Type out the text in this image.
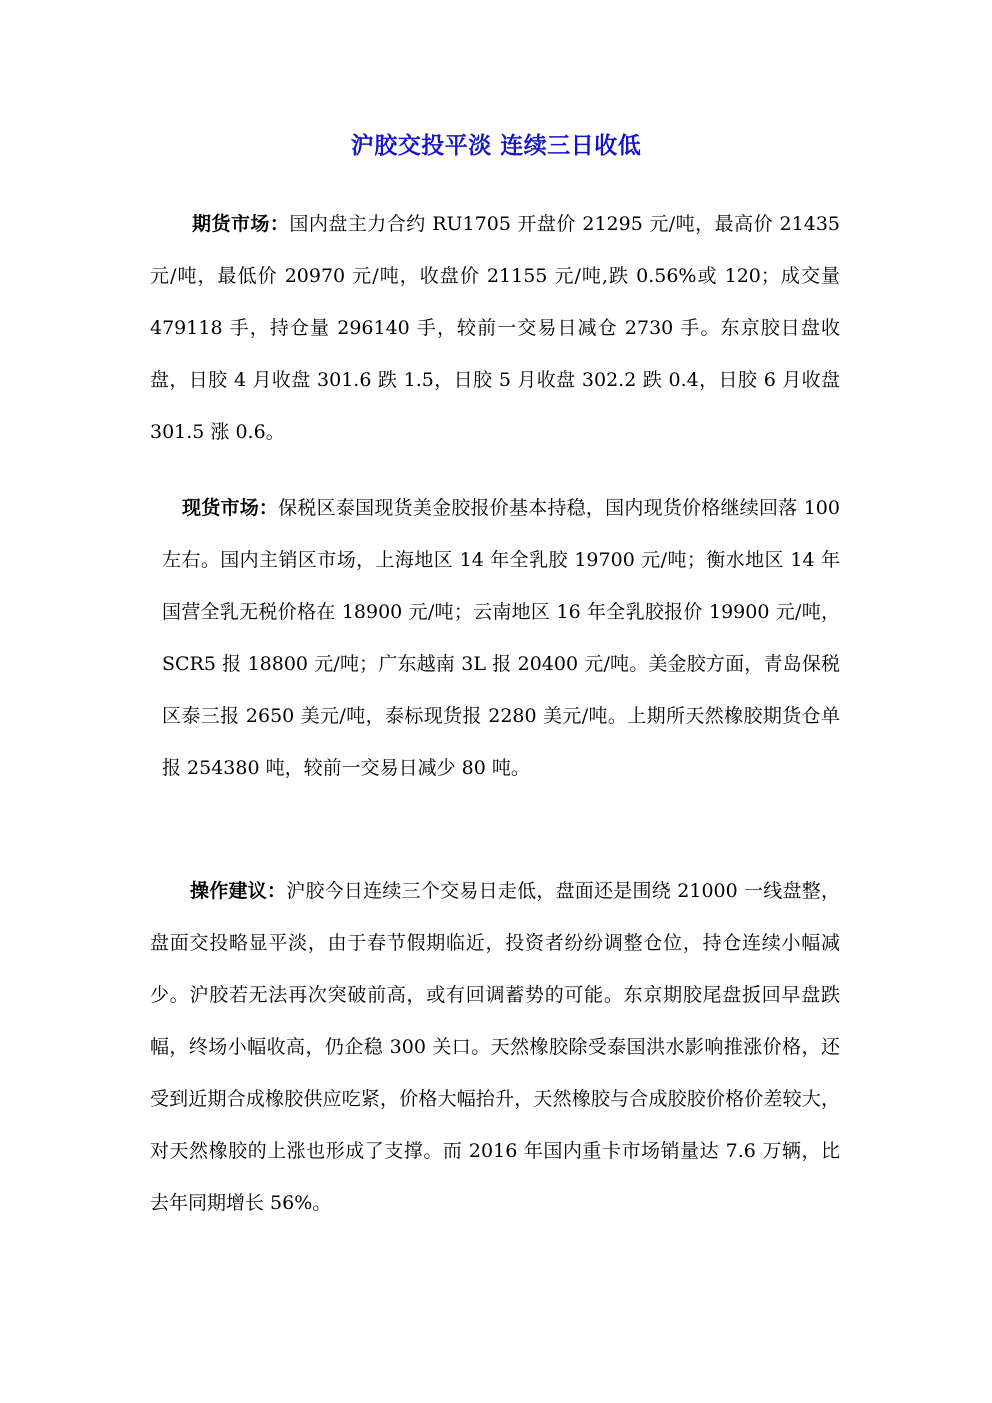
沪胶交投平淡 连续三日收低

期货市场：国内盘主力合约 RU1705 开盘价 21295 元/吨，最高价 21435 元/吨，最低价 20970 元/吨，收盘价 21155 元/吨,跌 0.56%或 120；成交量 479118 手，持仓量 296140 手，较前一交易日减仓 2730 手。东京胶日盘收盘，日胶 4 月收盘 301.6 跌 1.5，日胶 5 月收盘 302.2 跌 0.4，日胶 6 月收盘 301.5 涨 0.6。

现货市场：保税区泰国现货美金胶报价基本持稳，国内现货价格继续回落 100 左右。国内主销区市场，上海地区 14 年全乳胶 19700 元/吨；衡水地区 14 年国营全乳无税价格在 18900 元/吨；云南地区 16 年全乳胶报价 19900 元/吨，SCR5 报 18800 元/吨；广东越南 3L 报 20400 元/吨。美金胶方面，青岛保税区泰三报 2650 美元/吨，泰标现货报 2280 美元/吨。上期所天然橡胶期货仓单报 254380 吨，较前一交易日减少 80 吨。

操作建议：沪胶今日连续三个交易日走低，盘面还是围绕 21000 一线盘整，盘面交投略显平淡，由于春节假期临近，投资者纷纷调整仓位，持仓连续小幅减少。沪胶若无法再次突破前高，或有回调蓄势的可能。东京期胶尾盘扳回早盘跌幅，终场小幅收高，仍企稳 300 关口。天然橡胶除受泰国洪水影响推涨价格，还受到近期合成橡胶供应吃紧，价格大幅抬升，天然橡胶与合成胶胶价格价差较大，对天然橡胶的上涨也形成了支撑。而 2016 年国内重卡市场销量达 7.6 万辆，比去年同期增长 56%。
